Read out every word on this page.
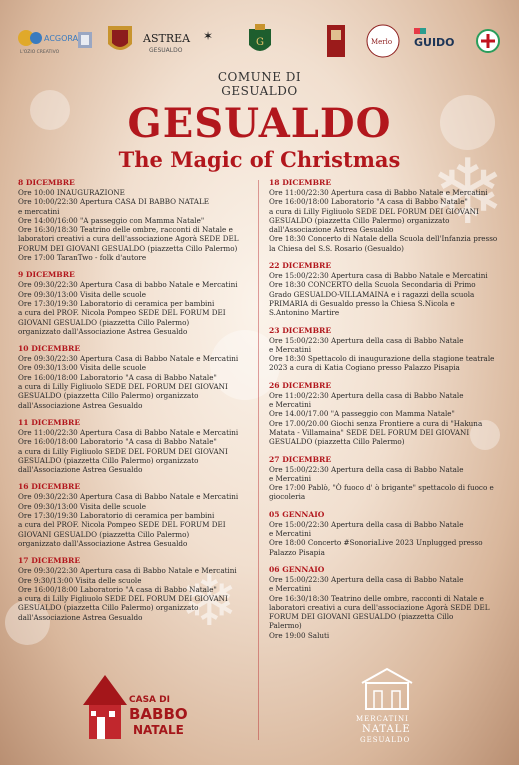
❄
❄
ACGORA
L'OZIO CREATIVO
ASTREA ✶
GESUALDO
G	Merlo GUIDO
COMUNE DI
GESUALDO
GESUALDO
The Magic of Christmas
8 DICEMBRE
Ore 10:00 INAUGURAZIONE
Ore 10:00/22:30 Apertura CASA DI BABBO NATALE
e mercatini
Ore 14:00/16:00 "A passeggio con Mamma Natale"
Ore 16:30/18:30 Teatrino delle ombre, racconti di Natale e
laboratori creativi a cura dell'associazione Agorà SEDE DEL
FORUM DEI GIOVANI GESUALDO (piazzetta Cillo Palermo)
Ore 17:00 TaranTwo - folk d'autore
9 DICEMBRE
Ore 09:30/22:30 Apertura Casa di babbo Natale e Mercatini
Ore 09:30/13:00 Visita delle scuole
Ore 17:30/19:30 Laboratorio di ceramica per bambini
a cura del PROF. Nicola Pompeo SEDE DEL FORUM DEI
GIOVANI GESUALDO (piazzetta Cillo Palermo)
organizzato dall'Associazione Astrea Gesualdo
10 DICEMBRE
Ore 09:30/22:30 Apertura Casa di Babbo Natale e Mercatini
Ore 09:30/13:00 Visita delle scuole
Ore 16:00/18:00 Laboratorio "A casa di Babbo Natale"
a cura di Lilly Figliuolo SEDE DEL FORUM DEI GIOVANI
GESUALDO (piazzetta Cillo Palermo) organizzato
dall'Associazione Astrea Gesualdo
11 DICEMBRE
Ore 11:00/22:30 Apertura Casa di Babbo Natale e Mercatini
Ore 16:00/18:00 Laboratorio "A casa di Babbo Natale"
a cura di Lilly Figliuolo SEDE DEL FORUM DEI GIOVANI
GESUALDO (piazzetta Cillo Palermo) organizzato
dall'Associazione Astrea Gesualdo
16 DICEMBRE
Ore 09:30/22:30 Apertura Casa di Babbo Natale e Mercatini
Ore 09:30/13:00 Visita delle scuole
Ore 17:30/19:30 Laboratorio di ceramica per bambini
a cura del PROF. Nicola Pompeo SEDE DEL FORUM DEI
GIOVANI GESUALDO (piazzetta Cillo Palermo)
organizzato dall'Associazione Astrea Gesualdo
17 DICEMBRE
Ore 09:30/22:30 Apertura casa di Babbo Natale e Mercatini
Ore 9:30/13:00 Visita delle scuole
Ore 16:00/18:00 Laboratorio "A casa di Babbo Natale"
a cura di Lilly Figliuolo SEDE DEL FORUM DEI GIOVANI
GESUALDO (piazzetta Cillo Palermo) organizzato
dall'Associazione Astrea Gesualdo
18 DICEMBRE
Ore 11:00/22:30 Apertura casa di Babbo Natale e Mercatini
Ore 16:00/18:00 Laboratorio "A casa di Babbo Natale"
a cura di Lilly Figliuolo SEDE DEL FORUM DEI GIOVANI
GESUALDO (piazzetta Cillo Palermo) organizzato
dall'Associazione Astrea Gesualdo
Ore 18:30 Concerto di Natale della Scuola dell'Infanzia presso
la Chiesa del S.S. Rosario (Gesualdo)
22 DICEMBRE
Ore 15:00/22:30 Apertura casa di Babbo Natale e Mercatini
Ore 18:30 CONCERTO della Scuola Secondaria di Primo
Grado GESUALDO-VILLAMAINA e i ragazzi della scuola
PRIMARIA di Gesualdo presso la Chiesa S.Nicola e
S.Antonino Martire
23 DICEMBRE
Ore 15:00/22:30 Apertura della casa di Babbo Natale
e Mercatini
Ore 18:30 Spettacolo di inaugurazione della stagione teatrale
2023 a cura di Katia Cogiano presso Palazzo Pisapia
26 DICEMBRE
Ore 11:00/22:30 Apertura della casa di Babbo Natale
e Mercatini
Ore 14.00/17.00 "A passeggio con Mamma Natale"
Ore 17.00/20.00 Giochi senza Frontiere a cura di "Hakuna
Matata - Villamaina" SEDE DEL FORUM DEI GIOVANI
GESUALDO (piazzetta Cillo Palermo)
27 DICEMBRE
Ore 15:00/22:30 Apertura della casa di Babbo Natale
e Mercatini
Ore 17:00 Pablò, "Ò fuoco d' ò brigante" spettacolo di fuoco e
giocoleria
05 GENNAIO
Ore 15:00/22:30 Apertura della casa di Babbo Natale
e Mercatini
Ore 18:00 Concerto #SonoriaLive 2023 Unplugged presso
Palazzo Pisapia
06 GENNAIO
Ore 15:00/22:30 Apertura della casa di Babbo Natale
e Mercatini
Ore 16:30/18:30 Teatrino delle ombre, racconti di Natale e
laboratori creativi a cura dell'associazione Agorà SEDE DEL
FORUM DEI GIOVANI GESUALDO (piazzetta Cillo
Palermo)
Ore 19:00 Saluti
CASA DI
BABBO
NATALE
MERCATINI
NATALE
GESUALDO
